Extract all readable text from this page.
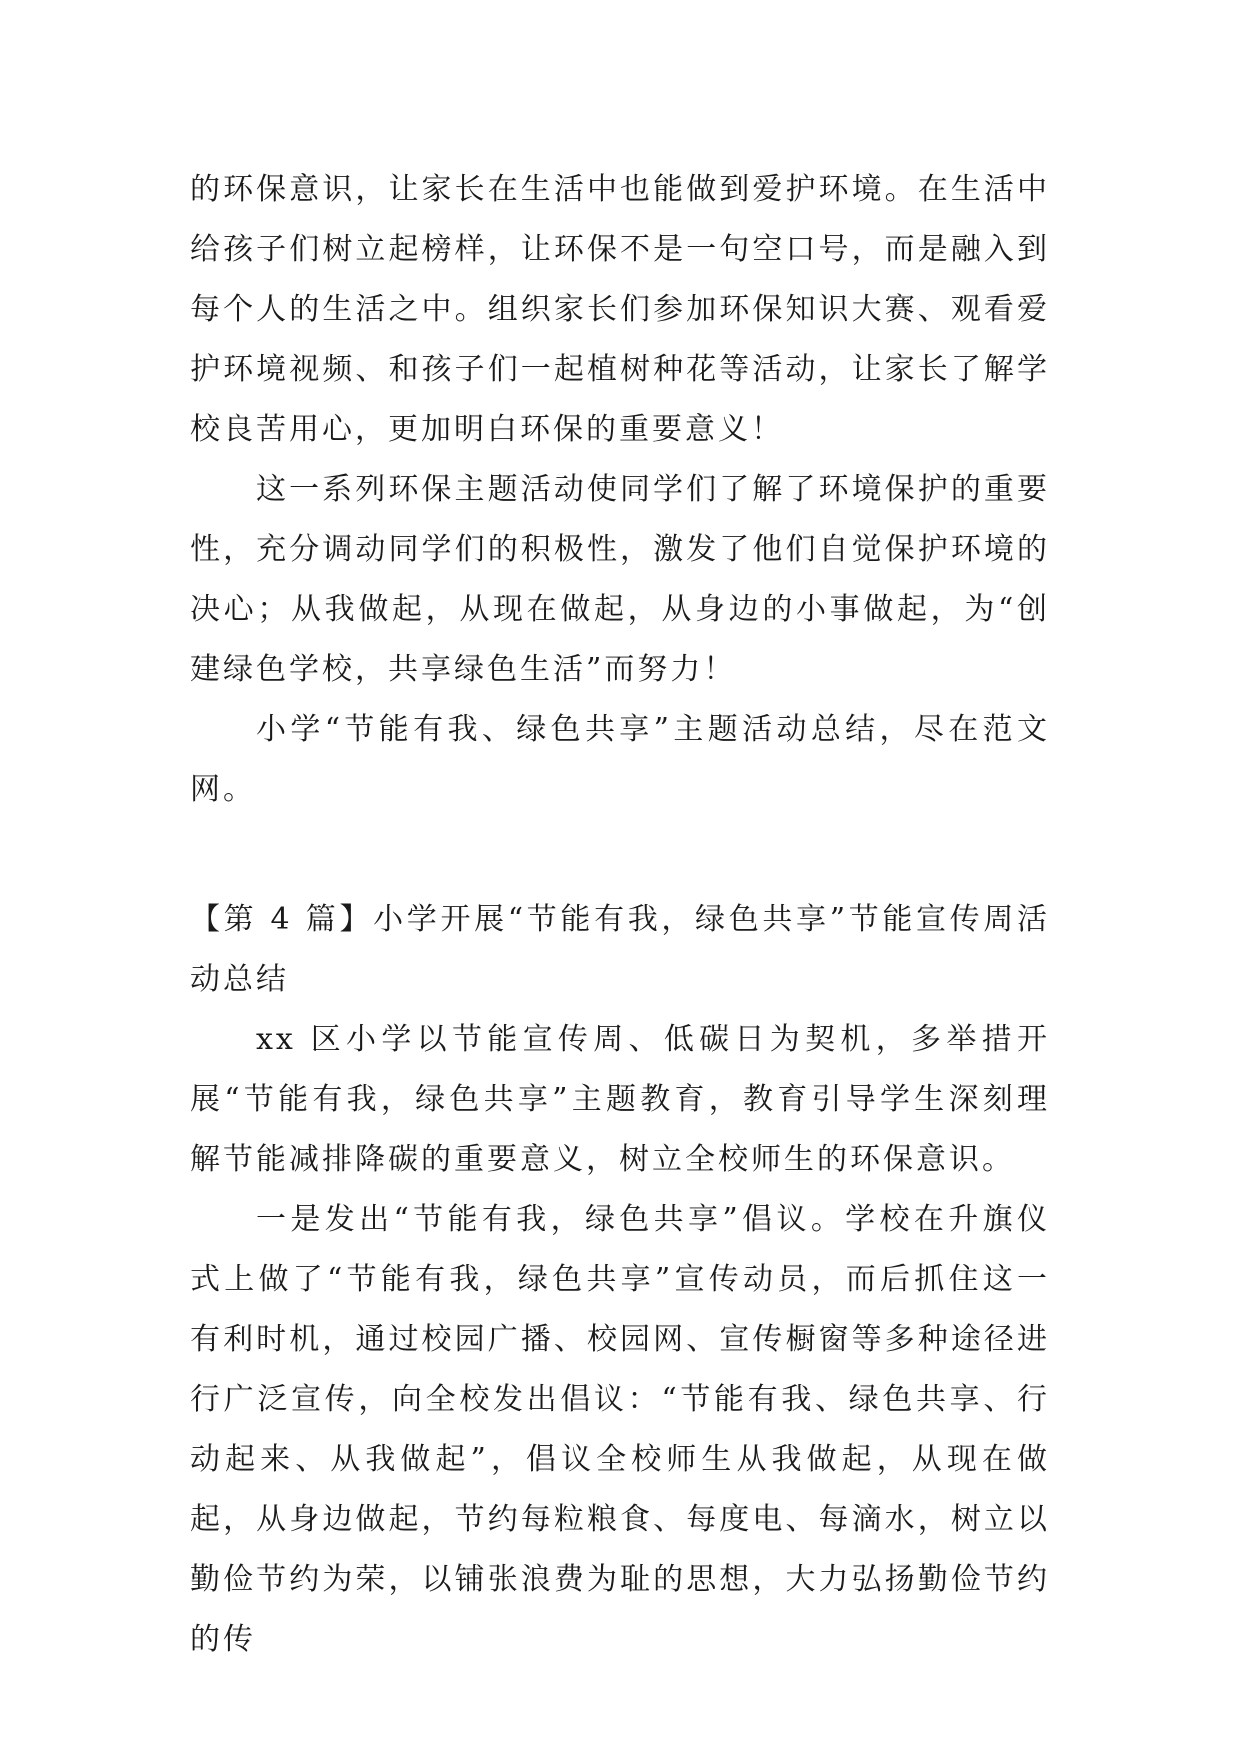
的环保意识，让家长在生活中也能做到爱护环境。在生活中给孩子们树立起榜样，让环保不是一句空口号，而是融入到每个人的生活之中。组织家长们参加环保知识大赛、观看爱护环境视频、和孩子们一起植树种花等活动，让家长了解学校良苦用心，更加明白环保的重要意义！

这一系列环保主题活动使同学们了解了环境保护的重要性，充分调动同学们的积极性，激发了他们自觉保护环境的决心；从我做起，从现在做起，从身边的小事做起，为“创建绿色学校，共享绿色生活”而努力！

小学“节能有我、绿色共享”主题活动总结，尽在范文网。

【第 4 篇】小学开展“节能有我，绿色共享”节能宣传周活动总结

xx 区小学以节能宣传周、低碳日为契机，多举措开展“节能有我，绿色共享”主题教育，教育引导学生深刻理解节能减排降碳的重要意义，树立全校师生的环保意识。

一是发出“节能有我，绿色共享”倡议。学校在升旗仪式上做了“节能有我，绿色共享”宣传动员，而后抓住这一有利时机，通过校园广播、校园网、宣传橱窗等多种途径进行广泛宣传，向全校发出倡议：“节能有我、绿色共享、行动起来、从我做起”，倡议全校师生从我做起，从现在做起，从身边做起，节约每粒粮食、每度电、每滴水，树立以勤俭节约为荣，以铺张浪费为耻的思想，大力弘扬勤俭节约的传
